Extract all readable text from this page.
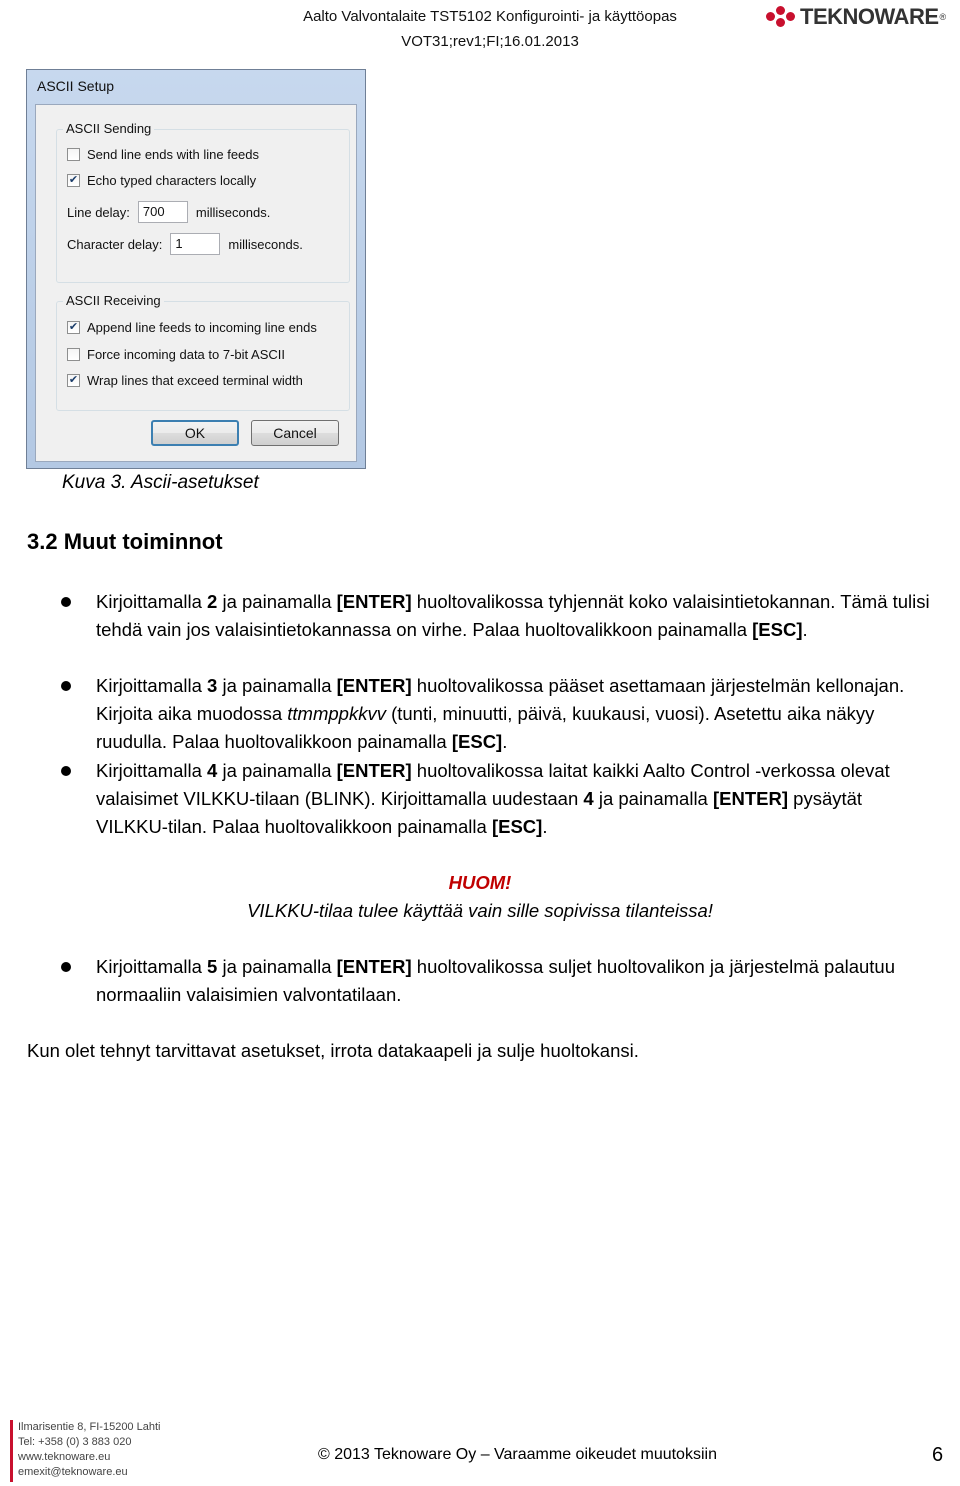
Aalto Valvontalaite TST5102 Konfigurointi- ja käyttöopas
VOT31;rev1;FI;16.01.2013
TEKNOWARE ®
ASCII Setup
ASCII Sending
Send line ends with line feeds
✔ Echo typed characters locally
Line delay:	700	milliseconds.
Character delay:	1	milliseconds.
ASCII Receiving
✔ Append line feeds to incoming line ends
Force incoming data to 7-bit ASCII
✔ Wrap lines that exceed terminal width
OK	Cancel
Kuva 3. Ascii-asetukset
3.2 Muut toiminnot
Kirjoittamalla 2 ja painamalla [ENTER] huoltovalikossa tyhjennät koko valaisintietokannan. Tämä tulisi tehdä vain jos valaisintietokannassa on virhe. Palaa huoltovalikkoon painamalla [ESC].
Kirjoittamalla 3 ja painamalla [ENTER] huoltovalikossa pääset asettamaan järjestelmän kellonajan. Kirjoita aika muodossa ttmmppkkvv (tunti, minuutti, päivä, kuukausi, vuosi). Asetettu aika näkyy ruudulla. Palaa huoltovalikkoon painamalla [ESC].
Kirjoittamalla 4 ja painamalla [ENTER] huoltovalikossa laitat kaikki Aalto Control -verkossa olevat valaisimet VILKKU-tilaan (BLINK). Kirjoittamalla uudestaan 4 ja painamalla [ENTER] pysäytät VILKKU-tilan. Palaa huoltovalikkoon painamalla [ESC].
HUOM!
VILKKU-tilaa tulee käyttää vain sille sopivissa tilanteissa!
Kirjoittamalla 5 ja painamalla [ENTER] huoltovalikossa suljet huoltovalikon ja järjestelmä palautuu normaaliin valaisimien valvontatilaan.
Kun olet tehnyt tarvittavat asetukset, irrota datakaapeli ja sulje huoltokansi.
Ilmarisentie 8, FI-15200 Lahti
Tel: +358 (0) 3 883 020
www.teknoware.eu
emexit@teknoware.eu
© 2013 Teknoware Oy – Varaamme oikeudet muutoksiin	6
